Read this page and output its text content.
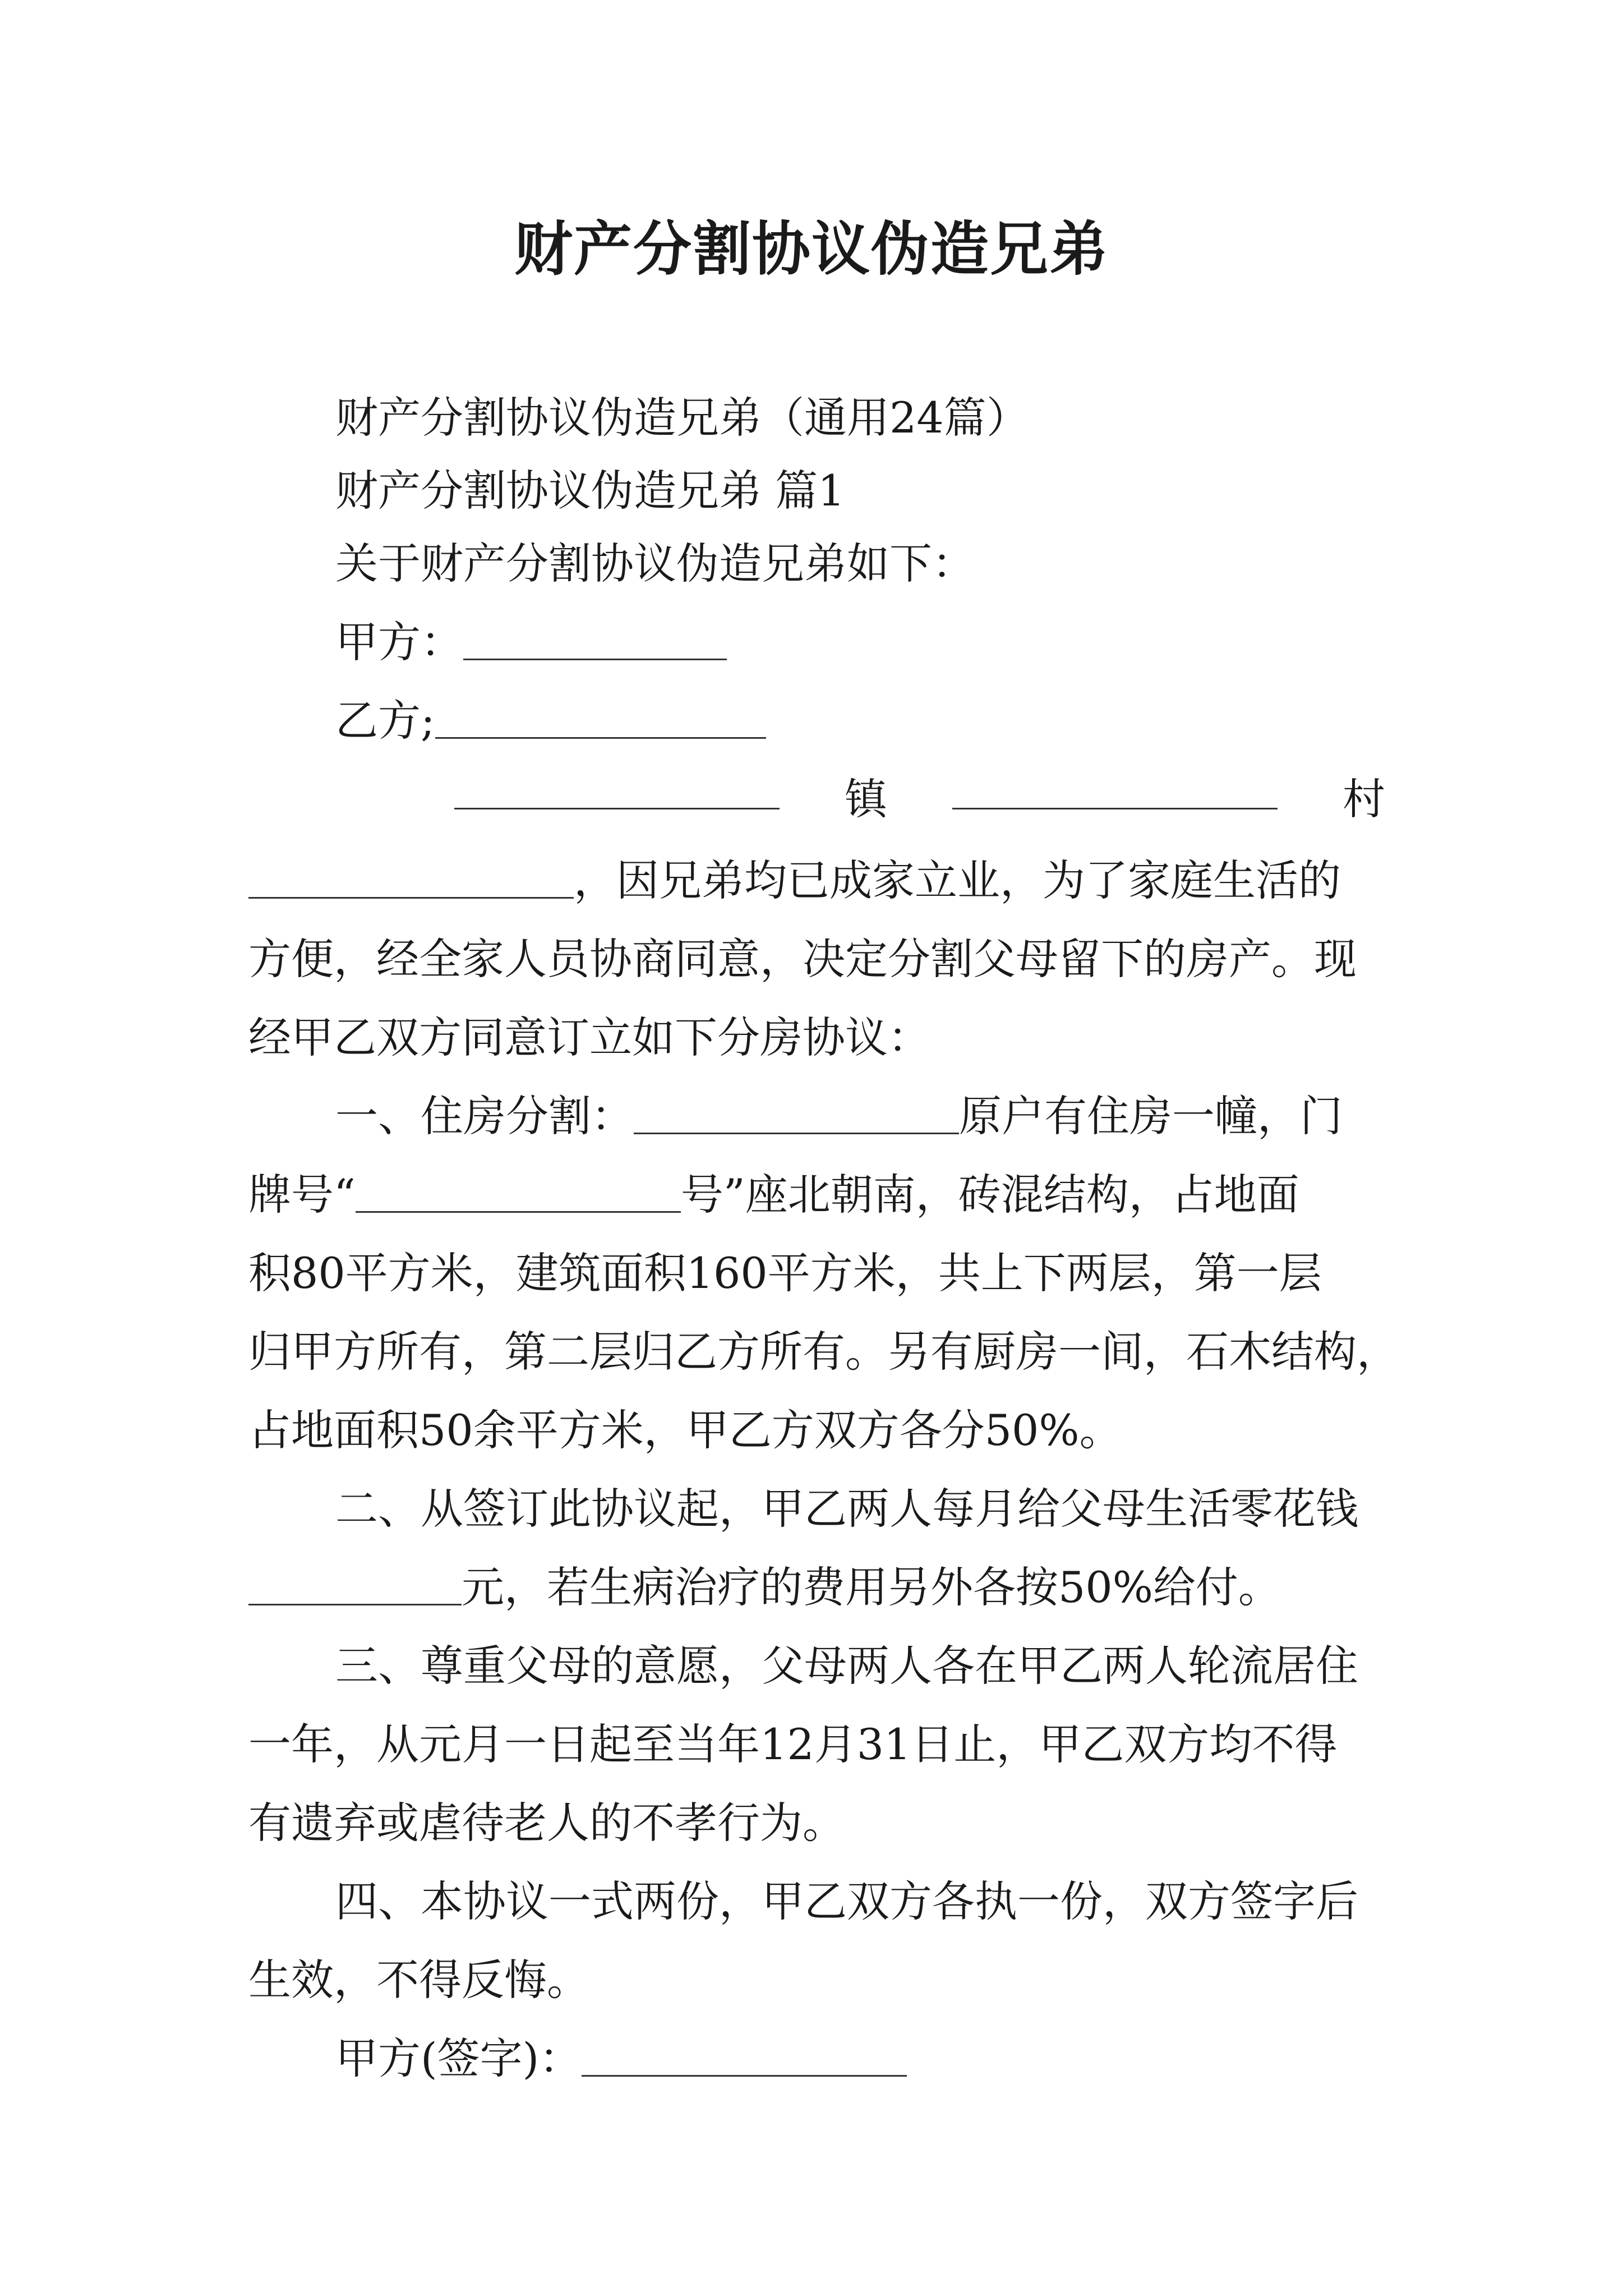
财产分割协议伪造兄弟
财产分割协议伪造兄弟（通用24篇）
财产分割协议伪造兄弟 篇1
关于财产分割协议伪造兄弟如下：
甲方：
乙方;
镇	村
，因兄弟均已成家立业，为了家庭生活的
方便，经全家人员协商同意，决定分割父母留下的房产。现
经甲乙双方同意订立如下分房协议：
一、住房分割：	原户有住房一幢，门
牌号“	号”座北朝南，砖混结构，占地面
积80平方米，建筑面积160平方米，共上下两层，第一层
归甲方所有，第二层归乙方所有。另有厨房一间，石木结构，
占地面积50余平方米，甲乙方双方各分50%。
二、从签订此协议起，甲乙两人每月给父母生活零花钱
元，若生病治疗的费用另外各按50%给付。
三、尊重父母的意愿，父母两人各在甲乙两人轮流居住
一年，从元月一日起至当年12月31日止，甲乙双方均不得
有遗弃或虐待老人的不孝行为。
四、本协议一式两份，甲乙双方各执一份，双方签字后
生效，不得反悔。
甲方(签字)：
